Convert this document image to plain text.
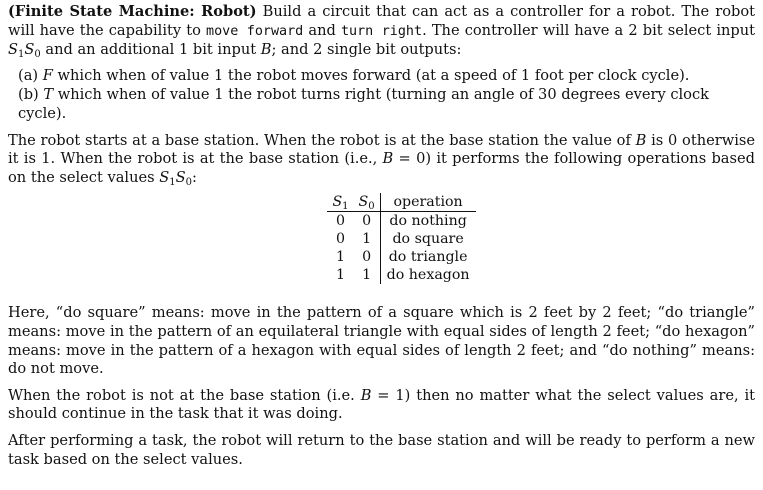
(Finite State Machine: Robot) Build a circuit that can act as a controller for a robot. The robot will have the capability to move forward and turn right. The controller will have a 2 bit select input $S_1S_0$ and an additional 1 bit input B; and 2 single bit outputs:

(a) F which when of value 1 the robot moves forward (at a speed of 1 foot per clock cycle).
(b) T which when of value 1 the robot turns right (turning an angle of 30 degrees every clock cycle).

The robot starts at a base station. When the robot is at the base station the value of B is 0 otherwise it is 1. When the robot is at the base station (i.e., B = 0) it performs the following operations based on the select values $S_1S_0$:

$S_1$	$S_0$	operation
0	0	do nothing
0	1	do square
1	0	do triangle
1	1	do hexagon

Here, “do square” means: move in the pattern of a square which is 2 feet by 2 feet; “do triangle” means: move in the pattern of an equilateral triangle with equal sides of length 2 feet; “do hexagon” means: move in the pattern of a hexagon with equal sides of length 2 feet; and “do nothing” means: do not move.

When the robot is not at the base station (i.e. B = 1) then no matter what the select values are, it should continue in the task that it was doing.

After performing a task, the robot will return to the base station and will be ready to perform a new task based on the select values.
